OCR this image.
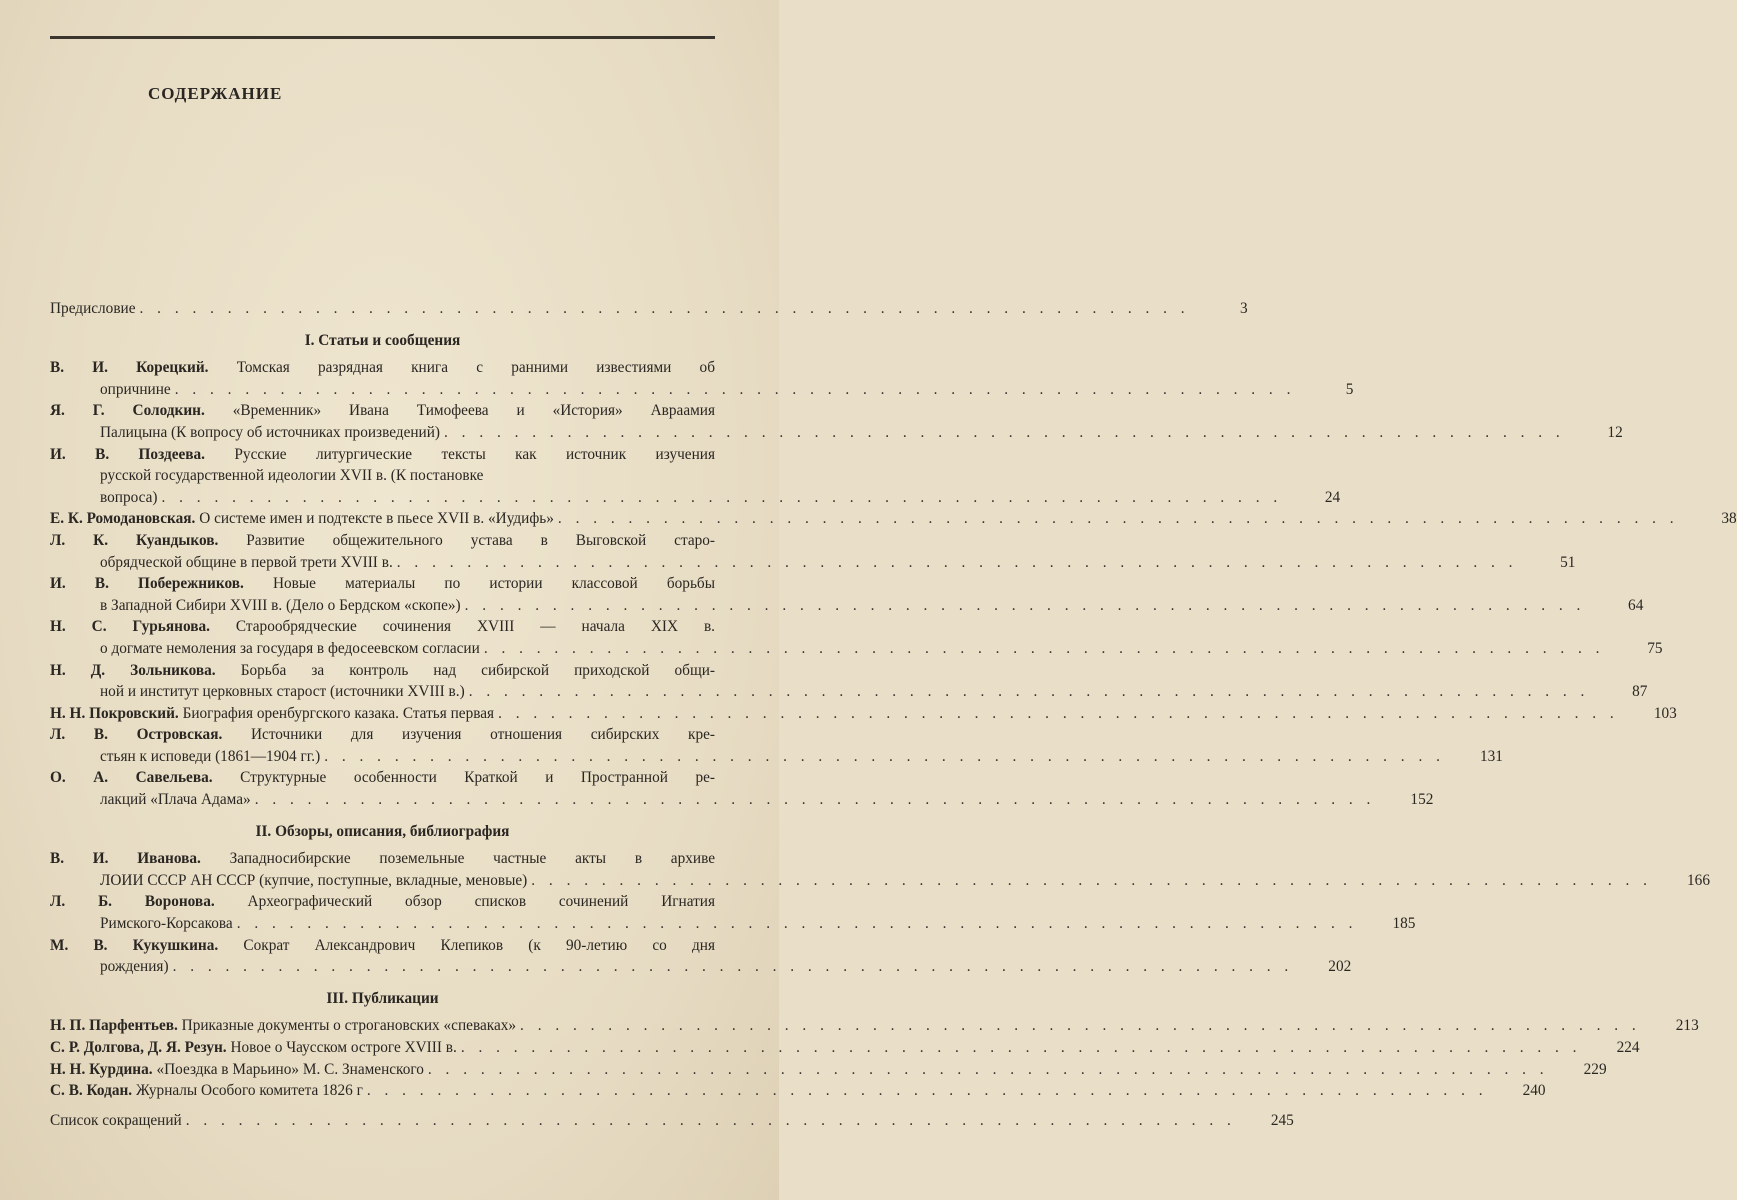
СОДЕРЖАНИЕ
Предисловие . . . . . . . . . . . . . . . . . . . . . . . . . . . . . . . . . . . . . . . . . . . . . . . . . . . . . . . . . . . .	3
I. Статьи и сообщения
В. И. Корецкий. Томская разрядная книга с ранними известиями об
опричнине . . . . . . . . . . . . . . . . . . . . . . . . . . . . . . . . . . . . . . . . . . . . . . . . . . . . . . . . . . . . . . . .	5
Я. Г. Солодкин. «Временник» Ивана Тимофеева и «История» Авраамия
Палицына (К вопросу об источниках произведений) . . . . . . . . . . . . . . . . . . . . . . . . . . . . . . . . . . . . . . . . . . . . . . . . . . . . . . . . . . . . . . . .	12
И. В. Поздеева. Русские литургические тексты как источник изучения
русской государственной идеологии XVII в. (К постановке
вопроса) . . . . . . . . . . . . . . . . . . . . . . . . . . . . . . . . . . . . . . . . . . . . . . . . . . . . . . . . . . . . . . . .	24
Е. К. Ромодановская. О системе имен и подтексте в пьесе XVII в. «Иудифь» . . . . . . . . . . . . . . . . . . . . . . . . . . . . . . . . . . . . . . . . . . . . . . . . . . . . . . . . . . . . . . . .	38
Л. К. Куандыков. Развитие общежительного устава в Выговской старо-
обрядческой общине в первой трети XVIII в. . . . . . . . . . . . . . . . . . . . . . . . . . . . . . . . . . . . . . . . . . . . . . . . . . . . . . . . . . . . . . . . .	51
И. В. Побережников. Новые материалы по истории классовой борьбы
в Западной Сибири XVIII в. (Дело о Бердском «скопе») . . . . . . . . . . . . . . . . . . . . . . . . . . . . . . . . . . . . . . . . . . . . . . . . . . . . . . . . . . . . . . . .	64
Н. С. Гурьянова. Старообрядческие сочинения XVIII — начала XIX в.
о догмате немоления за государя в федосеевском согласии . . . . . . . . . . . . . . . . . . . . . . . . . . . . . . . . . . . . . . . . . . . . . . . . . . . . . . . . . . . . . . . .	75
Н. Д. Зольникова. Борьба за контроль над сибирской приходской общи-
ной и институт церковных старост (источники XVIII в.) . . . . . . . . . . . . . . . . . . . . . . . . . . . . . . . . . . . . . . . . . . . . . . . . . . . . . . . . . . . . . . . .	87
Н. Н. Покровский. Биография оренбургского казака. Статья первая . . . . . . . . . . . . . . . . . . . . . . . . . . . . . . . . . . . . . . . . . . . . . . . . . . . . . . . . . . . . . . . .	103
Л. В. Островская. Источники для изучения отношения сибирских кре-
стьян к исповеди (1861—1904 гг.) . . . . . . . . . . . . . . . . . . . . . . . . . . . . . . . . . . . . . . . . . . . . . . . . . . . . . . . . . . . . . . . .	131
О. А. Савельева. Структурные особенности Краткой и Пространной ре-
лакций «Плача Адама» . . . . . . . . . . . . . . . . . . . . . . . . . . . . . . . . . . . . . . . . . . . . . . . . . . . . . . . . . . . . . . . .	152
II. Обзоры, описания, библиография
В. И. Иванова. Западносибирские поземельные частные акты в архиве
ЛОИИ СССР АН СССР (купчие, поступные, вкладные, меновые) . . . . . . . . . . . . . . . . . . . . . . . . . . . . . . . . . . . . . . . . . . . . . . . . . . . . . . . . . . . . . . . .	166
Л. Б. Воронова. Археографический обзор списков сочинений Игнатия
Римского-Корсакова . . . . . . . . . . . . . . . . . . . . . . . . . . . . . . . . . . . . . . . . . . . . . . . . . . . . . . . . . . . . . . . .	185
М. В. Кукушкина. Сократ Александрович Клепиков (к 90-летию со дня
рождения) . . . . . . . . . . . . . . . . . . . . . . . . . . . . . . . . . . . . . . . . . . . . . . . . . . . . . . . . . . . . . . . .	202
III. Публикации
Н. П. Парфентьев. Приказные документы о строгановских «спеваках» . . . . . . . . . . . . . . . . . . . . . . . . . . . . . . . . . . . . . . . . . . . . . . . . . . . . . . . . . . . . . . . .	213
С. Р. Долгова, Д. Я. Резун. Новое о Чаусском остроге XVIII в. . . . . . . . . . . . . . . . . . . . . . . . . . . . . . . . . . . . . . . . . . . . . . . . . . . . . . . . . . . . . . . . .	224
Н. Н. Курдина. «Поездка в Марьино» М. С. Знаменского . . . . . . . . . . . . . . . . . . . . . . . . . . . . . . . . . . . . . . . . . . . . . . . . . . . . . . . . . . . . . . . .	229
С. В. Кодан. Журналы Особого комитета 1826 г . . . . . . . . . . . . . . . . . . . . . . . . . . . . . . . . . . . . . . . . . . . . . . . . . . . . . . . . . . . . . . . .	240
Список сокращений . . . . . . . . . . . . . . . . . . . . . . . . . . . . . . . . . . . . . . . . . . . . . . . . . . . . . . . . . . . .	245
